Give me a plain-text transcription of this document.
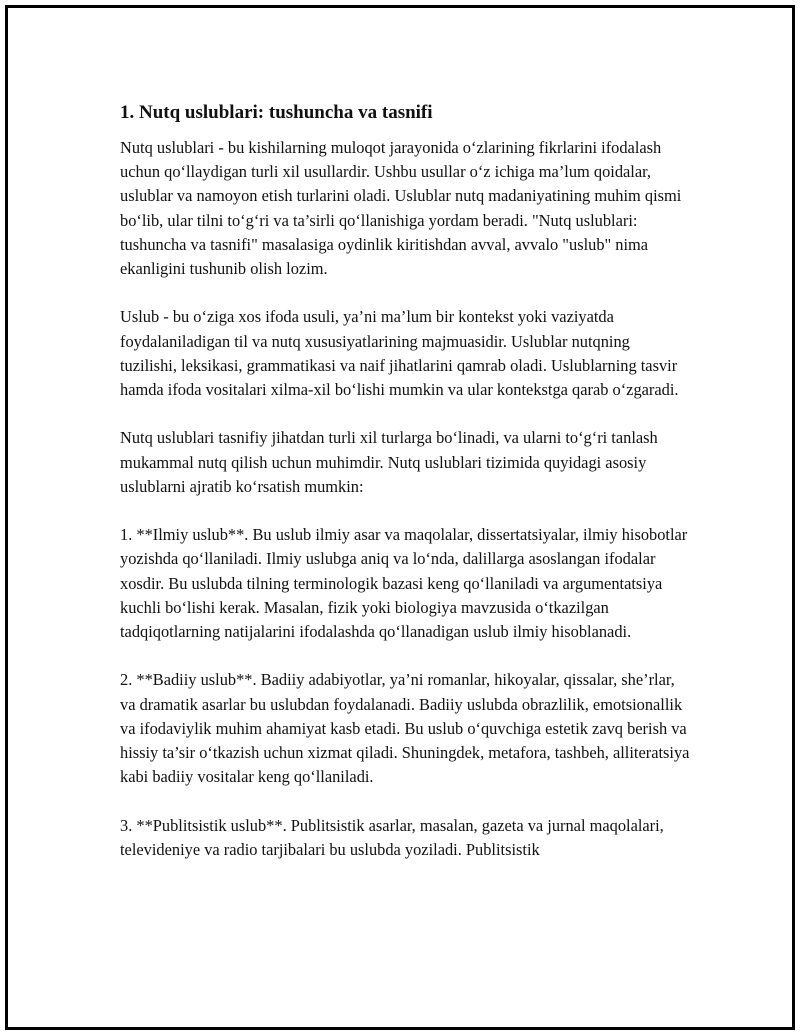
1. Nutq uslublari: tushuncha va tasnifi

Nutq uslublari - bu kishilarning muloqot jarayonida o‘zlarining fikrlarini ifodalash uchun qo‘llaydigan turli xil usullardir. Ushbu usullar o‘z ichiga ma’lum qoidalar, uslublar va namoyon etish turlarini oladi. Uslublar nutq madaniyatining muhim qismi bo‘lib, ular tilni to‘g‘ri va ta’sirli qo‘llanishiga yordam beradi. "Nutq uslublari: tushuncha va tasnifi" masalasiga oydinlik kiritishdan avval, avvalo "uslub" nima ekanligini tushunib olish lozim.

Uslub - bu o‘ziga xos ifoda usuli, ya’ni ma’lum bir kontekst yoki vaziyatda foydalaniladigan til va nutq xususiyatlarining majmuasidir. Uslublar nutqning tuzilishi, leksikasi, grammatikasi va naif jihatlarini qamrab oladi. Uslublarning tasvir hamda ifoda vositalari xilma-xil bo‘lishi mumkin va ular kontekstga qarab o‘zgaradi.

Nutq uslublari tasnifiy jihatdan turli xil turlarga bo‘linadi, va ularni to‘g‘ri tanlash mukammal nutq qilish uchun muhimdir. Nutq uslublari tizimida quyidagi asosiy uslublarni ajratib ko‘rsatish mumkin:

1. **Ilmiy uslub**. Bu uslub ilmiy asar va maqolalar, dissertatsiyalar, ilmiy hisobotlar yozishda qo‘llaniladi. Ilmiy uslubga aniq va lo‘nda, dalillarga asoslangan ifodalar xosdir. Bu uslubda tilning terminologik bazasi keng qo‘llaniladi va argumentatsiya kuchli bo‘lishi kerak. Masalan, fizik yoki biologiya mavzusida o‘tkazilgan tadqiqotlarning natijalarini ifodalashda qo‘llanadigan uslub ilmiy hisoblanadi.

2. **Badiiy uslub**. Badiiy adabiyotlar, ya’ni romanlar, hikoyalar, qissalar, she’rlar, va dramatik asarlar bu uslubdan foydalanadi. Badiiy uslubda obrazlilik, emotsionallik va ifodaviylik muhim ahamiyat kasb etadi. Bu uslub o‘quvchiga estetik zavq berish va hissiy ta’sir o‘tkazish uchun xizmat qiladi. Shuningdek, metafora, tashbeh, alliteratsiya kabi badiiy vositalar keng qo‘llaniladi.

3. **Publitsistik uslub**. Publitsistik asarlar, masalan, gazeta va jurnal maqolalari, televideniye va radio tarjibalari bu uslubda yoziladi. Publitsistik
